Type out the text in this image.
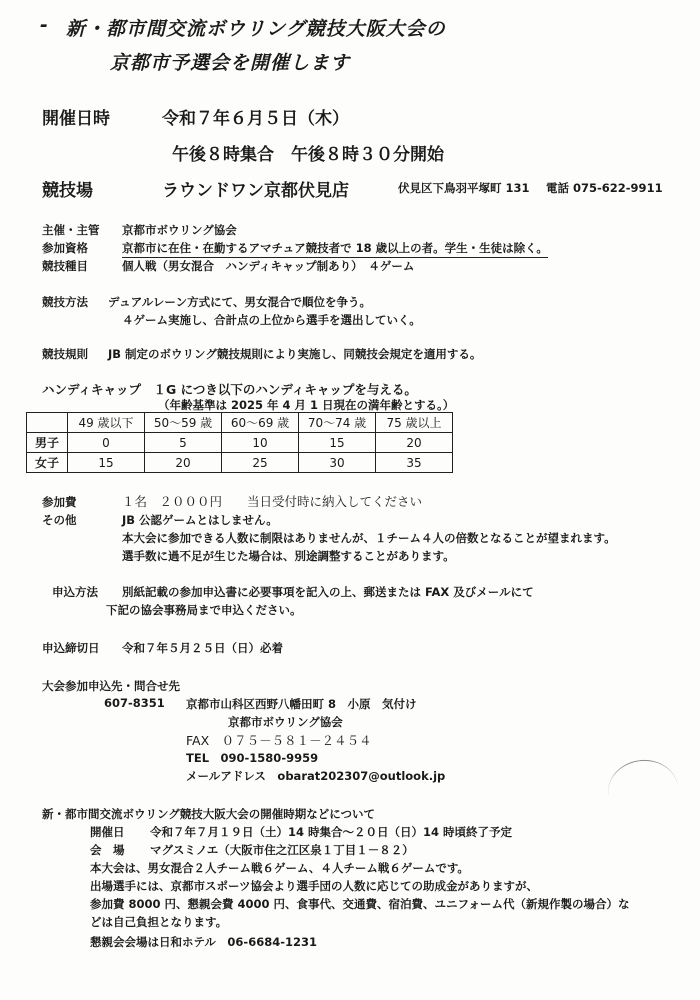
- 新・都市間交流ボウリング競技大阪大会の
京都市予選会を開催します
開催日時	令和７年６月５日（木）
午後８時集合　午後８時３０分開始
競技場	ラウンドワン京都伏見店	伏見区下鳥羽平塚町 131 電話 075-622-9911
主催・主管 京都市ボウリング協会
参加資格	京都市に在住・在勤するアマチュア競技者で 18 歳以上の者。学生・生徒は除く。
競技種目	個人戦（男女混合　ハンディキャップ制あり）　４ゲーム
競技方法 デュアルレーン方式にて、男女混合で順位を争う。
４ゲーム実施し、合計点の上位から選手を選出していく。
競技規則 JB 制定のボウリング競技規則により実施し、同競技会規定を適用する。
ハンディキャップ　１G につき以下のハンディキャップを与える。
（年齢基準は 2025 年 4 月 1 日現在の満年齢とする。）
	49 歳以下	50～59 歳	60～69 歳	70～74 歳	75 歳以上
男子	0	5	10	15	20
女子	15	20	25	30	35
参加費	１名　２０００円　　当日受付時に納入してください
その他	JB 公認ゲームとはしません。
本大会に参加できる人数に制限はありませんが、１チーム４人の倍数となることが望まれます。
選手数に過不足が生じた場合は、別途調整することがあります。
申込方法 別紙記載の参加申込書に必要事項を記入の上、郵送または FAX 及びメールにて
下記の協会事務局まで申込ください。
申込締切日 令和７年５月２５日（日）必着
大会参加申込先・問合せ先
607-8351 京都市山科区西野八幡田町 8　小原　気付け
京都市ボウリング協会
FAX　０７５－５８１－２４５４
TEL　090-1580-9959
メールアドレス　obarat202307@outlook.jp
新・都市間交流ボウリング競技大阪大会の開催時期などについて
開催日 令和７年７月１９日（土）14 時集合～２０日（日）14 時頃終了予定
会　場 マグスミノエ（大阪市住之江区泉１丁目１－８２）
本大会は、男女混合２人チーム戦６ゲーム、４人チーム戦６ゲームです。
出場選手には、京都市スポーツ協会より選手団の人数に応じての助成金がありますが、
参加費 8000 円、懇親会費 4000 円、食事代、交通費、宿泊費、ユニフォーム代（新規作製の場合）な
どは自己負担となります。
懇親会会場は日和ホテル　06-6684-1231
